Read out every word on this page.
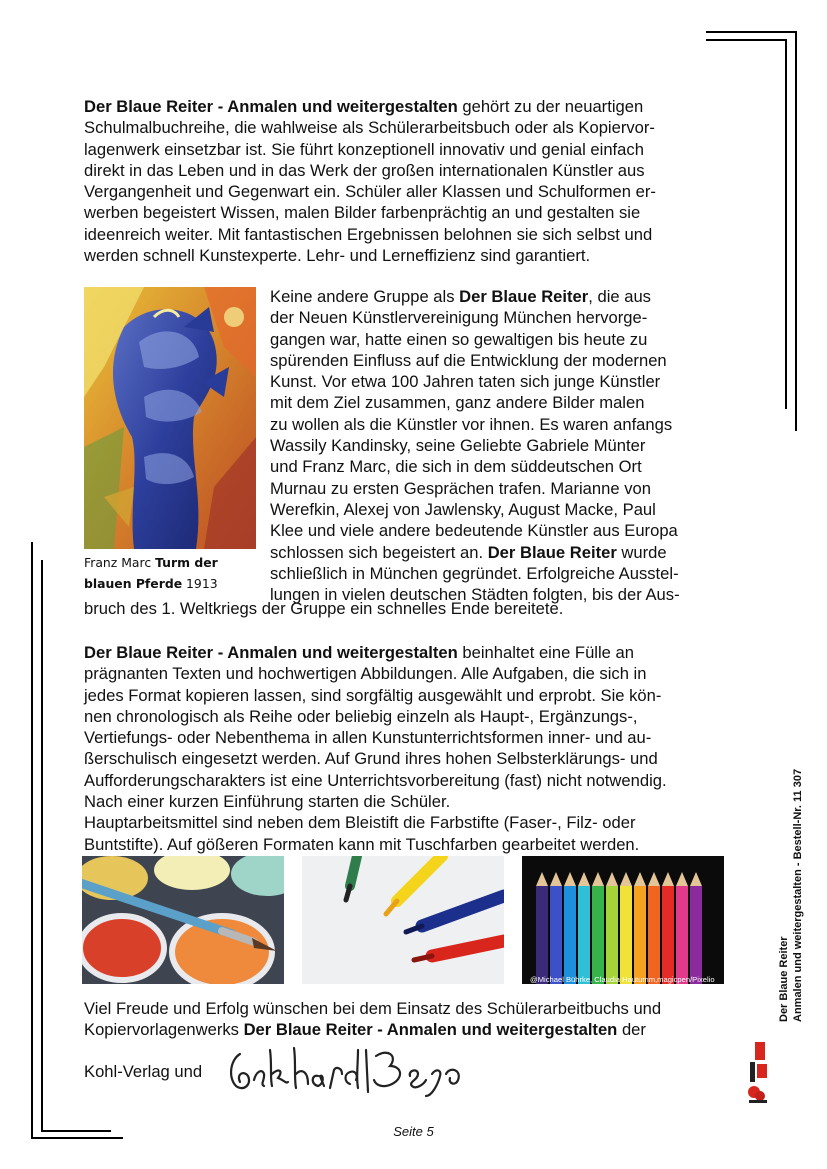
Der Blaue Reiter - Anmalen und weitergestalten gehört zu der neuartigen
Schulmalbuchreihe, die wahlweise als Schülerarbeitsbuch oder als Kopiervor-
lagenwerk einsetzbar ist. Sie führt konzeptionell innovativ und genial einfach
direkt in das Leben und in das Werk der großen internationalen Künstler aus
Vergangenheit und Gegenwart ein. Schüler aller Klassen und Schulformen er-
werben begeistert Wissen, malen Bilder farbenprächtig an und gestalten sie
ideenreich weiter. Mit fantastischen Ergebnissen belohnen sie sich selbst und
werden schnell Kunstexperte. Lehr- und Lerneffizienz sind garantiert.
Franz Marc Turm der
blauen Pferde 1913
Keine andere Gruppe als Der Blaue Reiter, die aus
der Neuen Künstlervereinigung München hervorge-
gangen war, hatte einen so gewaltigen bis heute zu
spürenden Einfluss auf die Entwicklung der modernen
Kunst. Vor etwa 100 Jahren taten sich junge Künstler
mit dem Ziel zusammen, ganz andere Bilder malen
zu wollen als die Künstler vor ihnen. Es waren anfangs
Wassily Kandinsky, seine Geliebte Gabriele Münter
und Franz Marc, die sich in dem süddeutschen Ort
Murnau zu ersten Gesprächen trafen. Marianne von
Werefkin, Alexej von Jawlensky, August Macke, Paul
Klee und viele andere bedeutende Künstler aus Europa
schlossen sich begeistert an. Der Blaue Reiter wurde
schließlich in München gegründet. Erfolgreiche Ausstel-
lungen in vielen deutschen Städten folgten, bis der Aus-
bruch des 1. Weltkriegs der Gruppe ein schnelles Ende bereitete.
Der Blaue Reiter - Anmalen und weitergestalten beinhaltet eine Fülle an
prägnanten Texten und hochwertigen Abbildungen. Alle Aufgaben, die sich in
jedes Format kopieren lassen, sind sorgfältig ausgewählt und erprobt. Sie kön-
nen chronologisch als Reihe oder beliebig einzeln als Haupt-, Ergänzungs-,
Vertiefungs- oder Nebenthema in allen Kunstunterrichtsformen inner- und au-
ßerschulisch eingesetzt werden. Auf Grund ihres hohen Selbsterklärungs- und
Aufforderungscharakters ist eine Unterrichtsvorbereitung (fast) nicht notwendig.
Nach einer kurzen Einführung starten die Schüler.
Hauptarbeitsmittel sind neben dem Bleistift die Farbstifte (Faser-, Filz- oder
Buntstifte). Auf gößeren Formaten kann mit Tuschfarben gearbeitet werden.
@Michael Bührke, Claudia Hautumm,magicpen/Pixelio
Viel Freude und Erfolg wünschen bei dem Einsatz des Schülerarbeitbuchs und
Kopiervorlagenwerks Der Blaue Reiter - Anmalen und weitergestalten der
Kohl-Verlag und
Der Blaue Reiter Anmalen und weitergestalten - Bestell-Nr. 11 307
Seite 5
